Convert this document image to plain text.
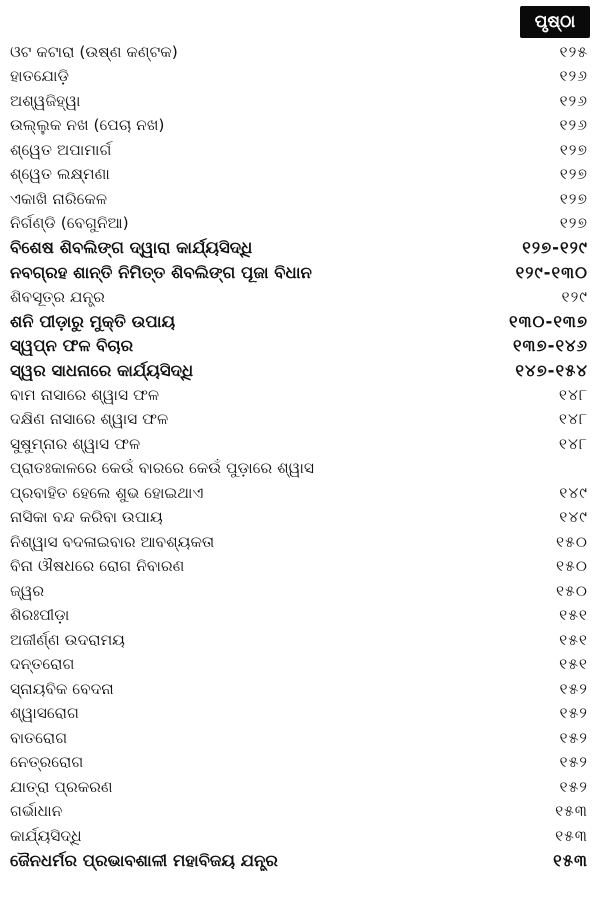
ପୃଷ୍ଠା
ଓଟ କଟାରା (ଉଷ୍ଣ କଣ୍ଟକ)	୧୨୫
ହାତଯୋଡ଼ି	୧୨୬
ଅଶ୍ୱଜିହ୍ୱା	୧୨୬
ଉଲ୍ଲୁକ ନଖ (ପେଚା ନଖ)	୧୨୬
ଶ୍ୱେତ ଅପାମାର୍ଗ	୧୨୭
ଶ୍ୱେତ ଲକ୍ଷ୍ମଣା	୧୨୭
ଏକାଖି ନାରିକେଳ	୧୨୭
ନିର୍ଗଣ୍ଡି (ବେଗୁନିଆ)	୧୨୭
ବିଶେଷ ଶିବଲିଙ୍ଗ ଦ୍ୱାରା କାର୍ଯ୍ୟସିଦ୍ଧି	୧୨୭-୧୨୯
ନବଗ୍ରହ ଶାନ୍ତି ନିମିତ୍ତ ଶିବଲିଙ୍ଗ ପୂଜା ବିଧାନ	୧୨୯-୧୩୦
ଶିବସୂତ୍ର ଯନ୍ତ୍ର	୧୨୯
ଶନି ପୀଡ଼ାରୁ ମୁକ୍ତି ଉପାୟ	୧୩୦-୧୩୭
ସ୍ୱପ୍ନ ଫଳ ବିଚାର	୧୩୭-୧୪୬
ସ୍ୱର ସାଧନାରେ କାର୍ଯ୍ୟସିଦ୍ଧି	୧୪୭-୧୫୪
ବାମ ନାସାରେ ଶ୍ୱାସ ଫଳ	୧୪୮
ଦକ୍ଷିଣ ନାସାରେ ଶ୍ୱାସ ଫଳ	୧୪୮
ସୁଷୁମ୍ନାର ଶ୍ୱାସ ଫଳ	୧୪୮
ପ୍ରାତଃକାଳରେ କେଉଁ ବାରରେ କେଉଁ ପୁଡ଼ାରେ ଶ୍ୱାସ
ପ୍ରବାହିତ ହେଲେ ଶୁଭ ହୋଇଥାଏ	୧୪୯
ନାସିକା ବନ୍ଦ କରିବା ଉପାୟ	୧୪୯
ନିଶ୍ୱାସ ବଦଳାଇବାର ଆବଶ୍ୟକତା	୧୫୦
ବିନା ଔଷଧରେ ରୋଗ ନିବାରଣ	୧୫୦
ଜ୍ୱର	୧୫୦
ଶିରଃପୀଡ଼ା	୧୫୧
ଅଜୀର୍ଣ୍ଣ ଉଦରାମୟ	୧୫୧
ଦନ୍ତରୋଗ	୧୫୧
ସ୍ନାୟବିକ ବେଦନା	୧୫୨
ଶ୍ୱାସରୋଗ	୧୫୨
ବାତରୋଗ	୧୫୨
ନେତ୍ରରୋଗ	୧୫୨
ଯାତ୍ରା ପ୍ରକରଣ	୧୫୨
ଗର୍ଭାଧାନ	୧୫୩
କାର୍ଯ୍ୟସିଦ୍ଧି	୧୫୩
ଜୈନଧର୍ମର ପ୍ରଭାବଶାଳୀ ମହାବିଜୟ ଯନ୍ତ୍ର	୧୫୩
